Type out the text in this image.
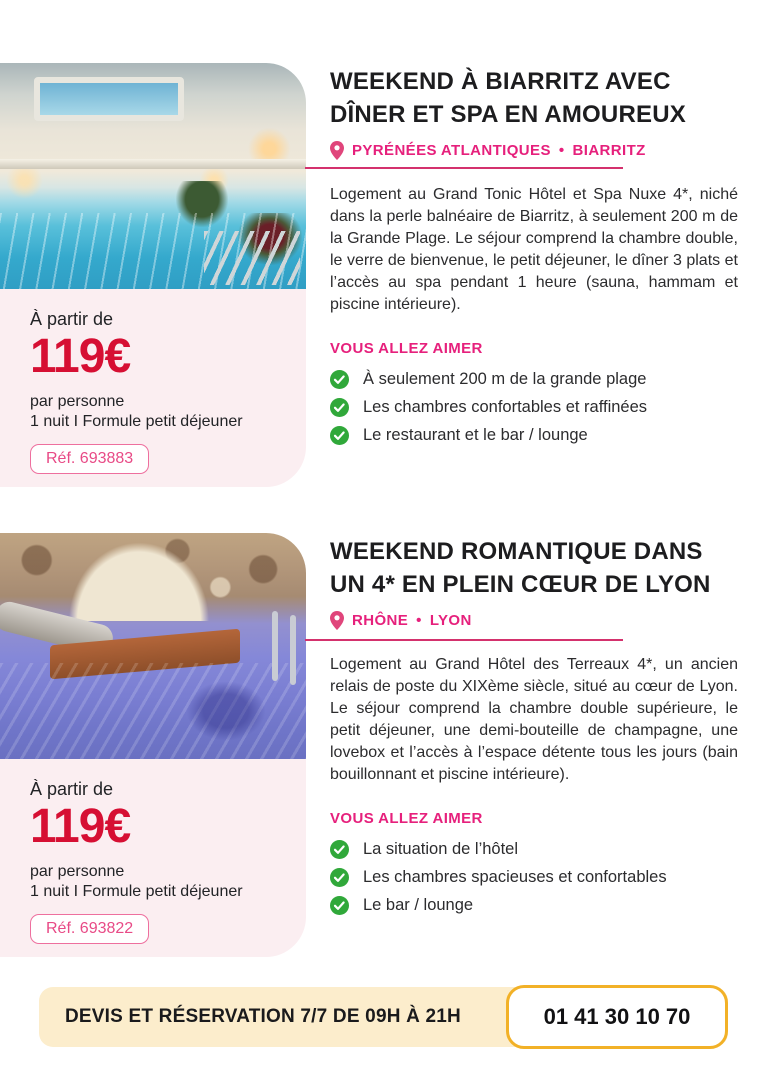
À partir de
119€
par personne
1 nuit I Formule petit déjeuner
Réf. 693883
WEEKEND À BIARRITZ AVEC DÎNER ET SPA EN AMOUREUX
PYRÉNÉES ATLANTIQUES • BIARRITZ

Logement au Grand Tonic Hôtel et Spa Nuxe 4*, niché dans la perle balnéaire de Biarritz, à seulement 200 m de la Grande Plage. Le séjour comprend la chambre double, le verre de bienvenue, le petit déjeuner, le dîner 3 plats et l’accès au spa pendant 1 heure (sauna, hammam et piscine intérieure).

VOUS ALLEZ AIMER
À seulement 200 m de la grande plage
Les chambres confortables et raffinées
Le restaurant et le bar / lounge
À partir de
119€
par personne
1 nuit I Formule petit déjeuner
Réf. 693822
WEEKEND ROMANTIQUE DANS UN 4* EN PLEIN CŒUR DE LYON
RHÔNE • LYON

Logement au Grand Hôtel des Terreaux 4*, un ancien relais de poste du XIXème siècle, situé au cœur de Lyon. Le séjour comprend la chambre double supérieure, le petit déjeuner, une demi-bouteille de champagne, une lovebox et l’accès à l’espace détente tous les jours (bain bouillonnant et piscine intérieure).

VOUS ALLEZ AIMER
La situation de l’hôtel
Les chambres spacieuses et confortables
Le bar / lounge
DEVIS ET RÉSERVATION 7/7 DE 09H À 21H	01 41 30 10 70
